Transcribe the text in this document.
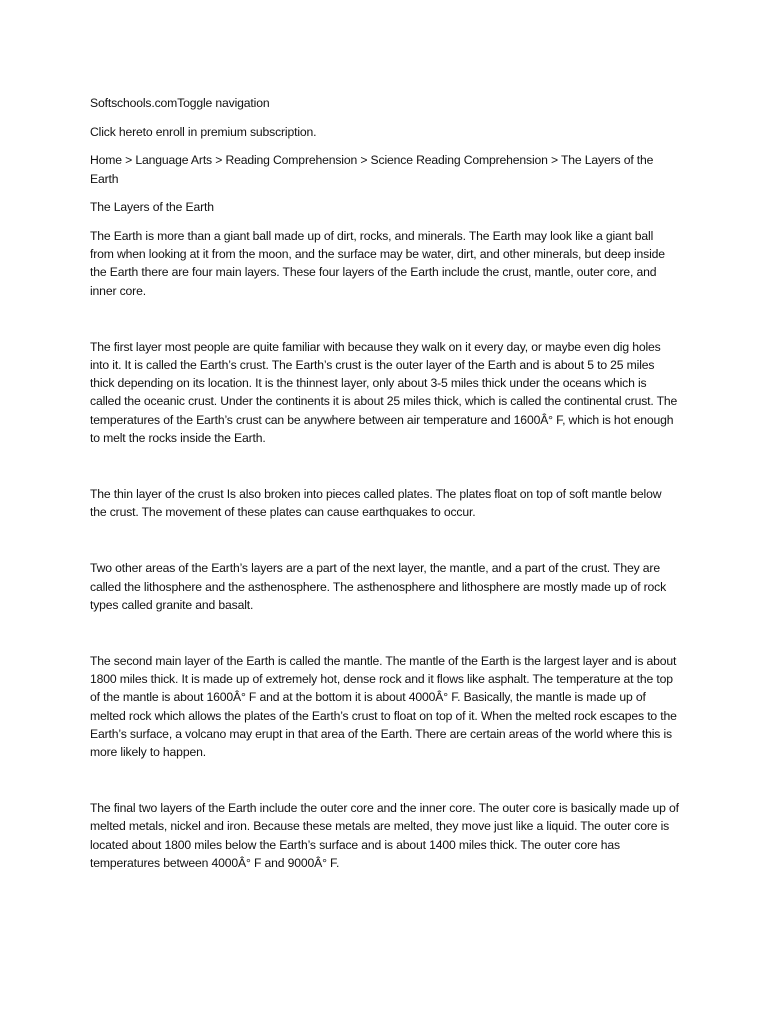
Softschools.comToggle navigation

Click hereto enroll in premium subscription.

Home > Language Arts > Reading Comprehension > Science Reading Comprehension > The Layers of the Earth

The Layers of the Earth

The Earth is more than a giant ball made up of dirt, rocks, and minerals. The Earth may look like a giant ball from when looking at it from the moon, and the surface may be water, dirt, and other minerals, but deep inside the Earth there are four main layers. These four layers of the Earth include the crust, mantle, outer core, and inner core.

The first layer most people are quite familiar with because they walk on it every day, or maybe even dig holes into it. It is called the Earth’s crust. The Earth’s crust is the outer layer of the Earth and is about 5 to 25 miles thick depending on its location. It is the thinnest layer, only about 3-5 miles thick under the oceans which is called the oceanic crust. Under the continents it is about 25 miles thick, which is called the continental crust. The temperatures of the Earth’s crust can be anywhere between air temperature and 1600Â° F, which is hot enough to melt the rocks inside the Earth.

The thin layer of the crust Is also broken into pieces called plates. The plates float on top of soft mantle below the crust. The movement of these plates can cause earthquakes to occur.

Two other areas of the Earth’s layers are a part of the next layer, the mantle, and a part of the crust. They are called the lithosphere and the asthenosphere. The asthenosphere and lithosphere are mostly made up of rock types called granite and basalt.

The second main layer of the Earth is called the mantle. The mantle of the Earth is the largest layer and is about 1800 miles thick. It is made up of extremely hot, dense rock and it flows like asphalt. The temperature at the top of the mantle is about 1600Â° F and at the bottom it is about 4000Â° F. Basically, the mantle is made up of melted rock which allows the plates of the Earth’s crust to float on top of it. When the melted rock escapes to the Earth’s surface, a volcano may erupt in that area of the Earth. There are certain areas of the world where this is more likely to happen.

The final two layers of the Earth include the outer core and the inner core. The outer core is basically made up of melted metals, nickel and iron. Because these metals are melted, they move just like a liquid. The outer core is located about 1800 miles below the Earth’s surface and is about 1400 miles thick. The outer core has temperatures between 4000Â° F and 9000Â° F.
